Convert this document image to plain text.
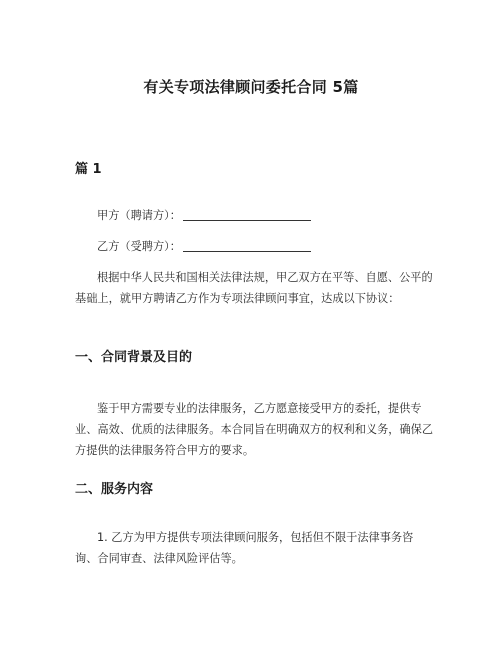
有关专项法律顾问委托合同 5篇
篇 1
甲方（聘请方）：
乙方（受聘方）：
根据中华人民共和国相关法律法规，甲乙双方在平等、自愿、公平的基础上，就甲方聘请乙方作为专项法律顾问事宜，达成以下协议：
一、合同背景及目的
鉴于甲方需要专业的法律服务，乙方愿意接受甲方的委托，提供专业、高效、优质的法律服务。本合同旨在明确双方的权利和义务，确保乙方提供的法律服务符合甲方的要求。
二、服务内容
1. 乙方为甲方提供专项法律顾问服务，包括但不限于法律事务咨询、合同审查、法律风险评估等。
